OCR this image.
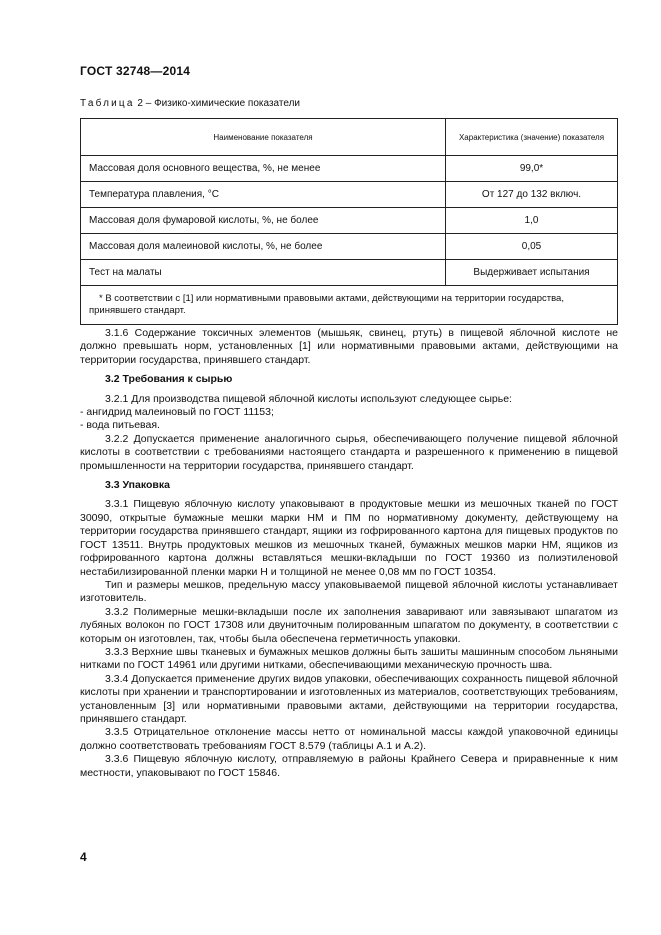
ГОСТ 32748—2014
Таблица 2 – Физико-химические показатели
Наименование показателя	Характеристика (значение) показателя
Массовая доля основного вещества, %, не менее	99,0*
Температура плавления, °С	От 127 до 132 включ.
Массовая доля фумаровой кислоты, %, не более	1,0
Массовая доля малеиновой кислоты, %, не более	0,05
Тест на малаты	Выдерживает испытания

* В соответствии с [1] или нормативными правовыми актами, действующими на территории государства, принявшего стандарт.	

3.1.6 Содержание токсичных элементов (мышьяк, свинец, ртуть) в пищевой яблочной кислоте не должно превышать норм, установленных [1] или нормативными правовыми актами, действующими на территории государства, принявшего стандарт.

3.2 Требования к сырью

3.2.1 Для производства пищевой яблочной кислоты используют следующее сырье:

- ангидрид малеиновый по ГОСТ 11153;

- вода питьевая.

3.2.2 Допускается применение аналогичного сырья, обеспечивающего получение пищевой яблочной кислоты в соответствии с требованиями настоящего стандарта и разрешенного к применению в пищевой промышленности на территории государства, принявшего стандарт.

3.3 Упаковка

3.3.1 Пищевую яблочную кислоту упаковывают в продуктовые мешки из мешочных тканей по ГОСТ 30090, открытые бумажные мешки марки НМ и ПМ по нормативному документу, действующему на территории государства принявшего стандарт, ящики из гофрированного картона для пищевых продуктов по ГОСТ 13511. Внутрь продуктовых мешков из мешочных тканей, бумажных мешков марки НМ, ящиков из гофрированного картона должны вставляться мешки-вкладыши по ГОСТ 19360 из полиэтиленовой нестабилизированной пленки марки Н и толщиной не менее 0,08 мм по ГОСТ 10354.

Тип и размеры мешков, предельную массу упаковываемой пищевой яблочной кислоты устанавливает изготовитель.

3.3.2 Полимерные мешки-вкладыши после их заполнения заваривают или завязывают шпагатом из лубяных волокон по ГОСТ 17308 или двуниточным полированным шпагатом по документу, в соответствии с которым он изготовлен, так, чтобы была обеспечена герметичность упаковки.

3.3.3 Верхние швы тканевых и бумажных мешков должны быть зашиты машинным способом льняными нитками по ГОСТ 14961 или другими нитками, обеспечивающими механическую прочность шва.

3.3.4 Допускается применение других видов упаковки, обеспечивающих сохранность пищевой яблочной кислоты при хранении и транспортировании и изготовленных из материалов, соответствующих требованиям, установленным [3] или нормативными правовыми актами, действующими на территории государства, принявшего стандарт.

3.3.5 Отрицательное отклонение массы нетто от номинальной массы каждой упаковочной единицы должно соответствовать требованиям ГОСТ 8.579 (таблицы А.1 и А.2).

3.3.6 Пищевую яблочную кислоту, отправляемую в районы Крайнего Севера и приравненные к ним местности, упаковывают по ГОСТ 15846.

4
